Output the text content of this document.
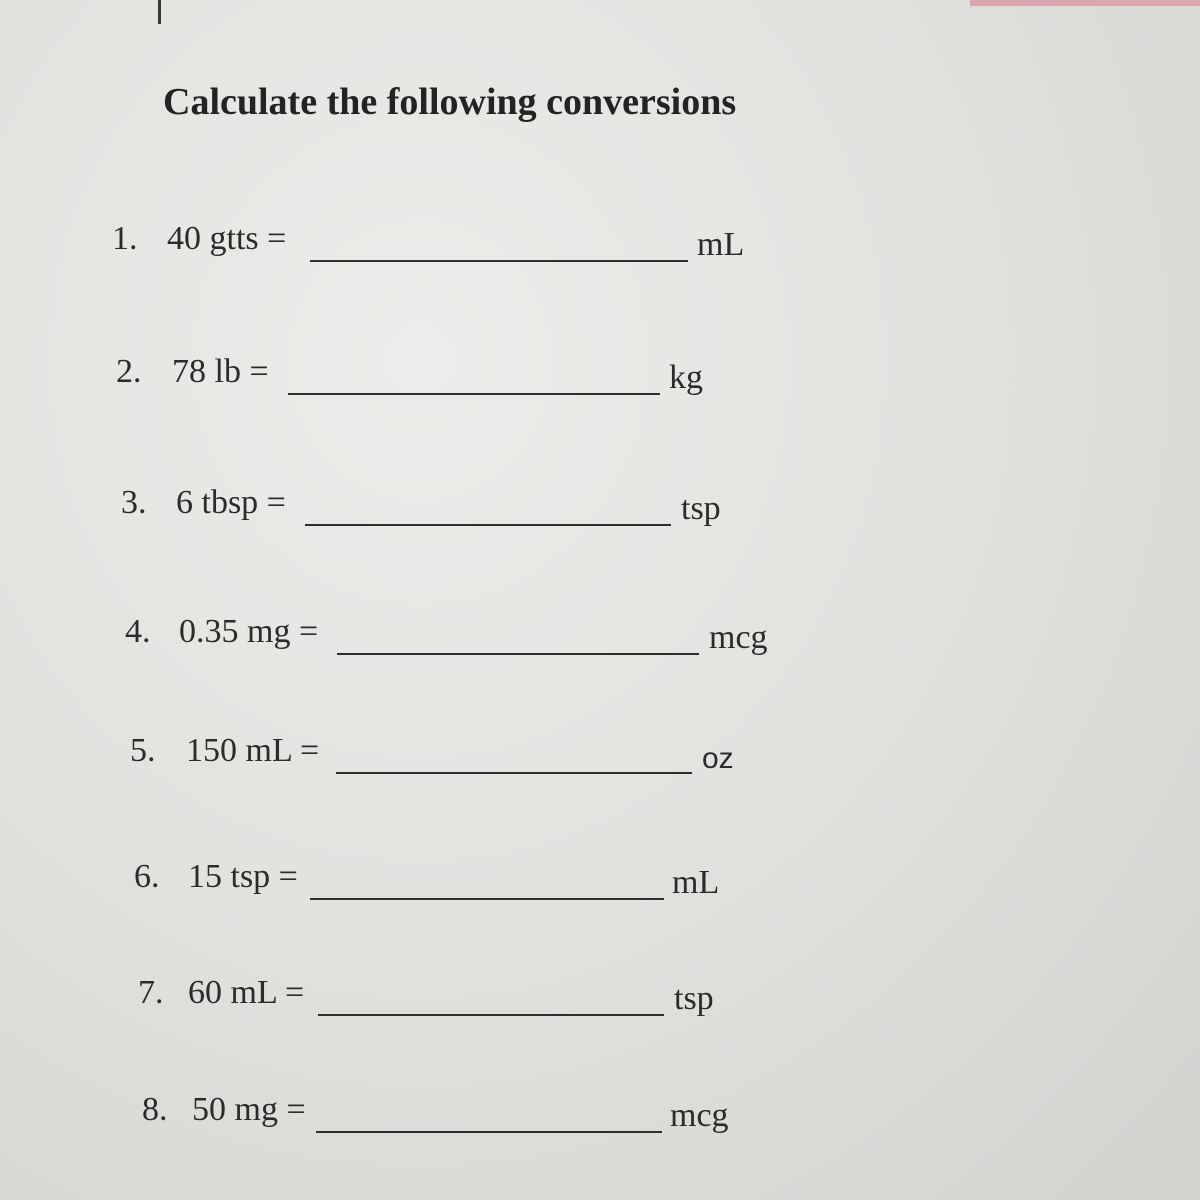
Calculate the following conversions
1. 40 gtts =	mL
2. 78 lb =	kg
3. 6 tbsp =	tsp
4. 0.35 mg =	mcg
5. 150 mL =	oz
6. 15 tsp =	mL
7. 60 mL =	tsp
8. 50 mg =	mcg
